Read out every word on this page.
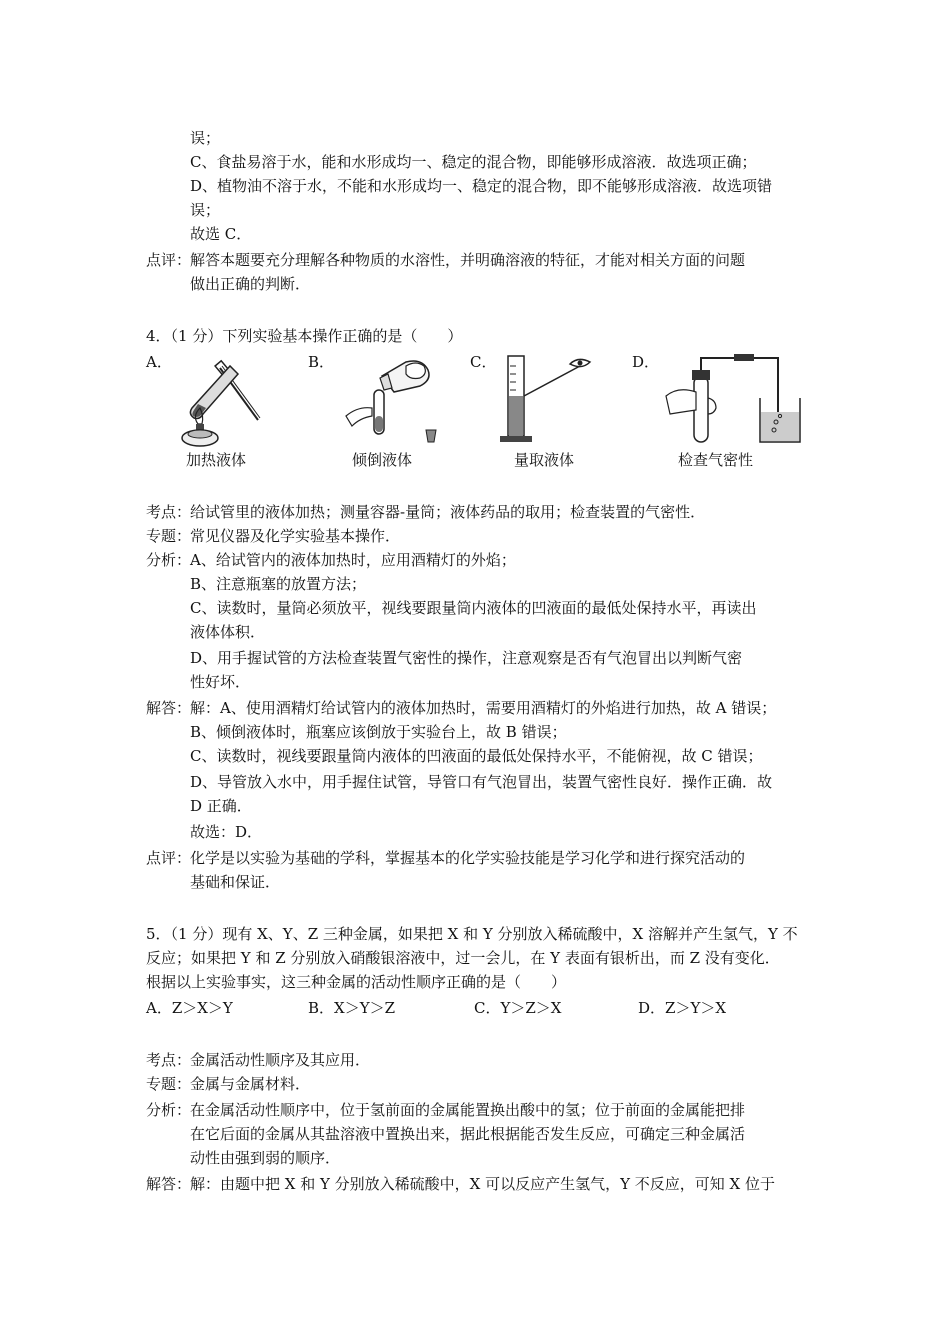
误；
C、食盐易溶于水，能和水形成均一、稳定的混合物，即能够形成溶液．故选项正确；
D、植物油不溶于水，不能和水形成均一、稳定的混合物，即不能够形成溶液．故选项错
误；
故选 C．
点评：
解答本题要充分理解各种物质的水溶性，并明确溶液的特征，才能对相关方面的问题
做出正确的判断．
4．（1 分）下列实验基本操作正确的是（　　）
A．	B．	C．	D．
加热液体	倾倒液体	量取液体	检查气密性
考点：
给试管里的液体加热；测量容器-量筒；液体药品的取用；检查装置的气密性．
专题：
常见仪器及化学实验基本操作．
分析：
A、给试管内的液体加热时，应用酒精灯的外焰；
B、注意瓶塞的放置方法；
C、读数时，量筒必须放平，视线要跟量筒内液体的凹液面的最低处保持水平，再读出
液体体积．
D、用手握试管的方法检查装置气密性的操作，注意观察是否有气泡冒出以判断气密
性好坏．
解答：
解：A、使用酒精灯给试管内的液体加热时，需要用酒精灯的外焰进行加热，故 A 错误；
B、倾倒液体时，瓶塞应该倒放于实验台上，故 B 错误；
C、读数时，视线要跟量筒内液体的凹液面的最低处保持水平，不能俯视，故 C 错误；
D、导管放入水中，用手握住试管，导管口有气泡冒出，装置气密性良好．操作正确．故
D 正确．
故选：D．
点评：
化学是以实验为基础的学科，掌握基本的化学实验技能是学习化学和进行探究活动的
基础和保证．
5．（1 分）现有 X、Y、Z 三种金属，如果把 X 和 Y 分别放入稀硫酸中，X 溶解并产生氢气，Y 不
反应；如果把 Y 和 Z 分别放入硝酸银溶液中，过一会儿，在 Y 表面有银析出，而 Z 没有变化．
根据以上实验事实，这三种金属的活动性顺序正确的是（　　）
A．Z＞X＞Y	B．X＞Y＞Z	C．Y＞Z＞X	D．Z＞Y＞X
考点：
金属活动性顺序及其应用．
专题：
金属与金属材料．
分析：
在金属活动性顺序中，位于氢前面的金属能置换出酸中的氢；位于前面的金属能把排
在它后面的金属从其盐溶液中置换出来，据此根据能否发生反应，可确定三种金属活
动性由强到弱的顺序．
解答：
解：由题中把 X 和 Y 分别放入稀硫酸中，X 可以反应产生氢气，Y 不反应，可知 X 位于
